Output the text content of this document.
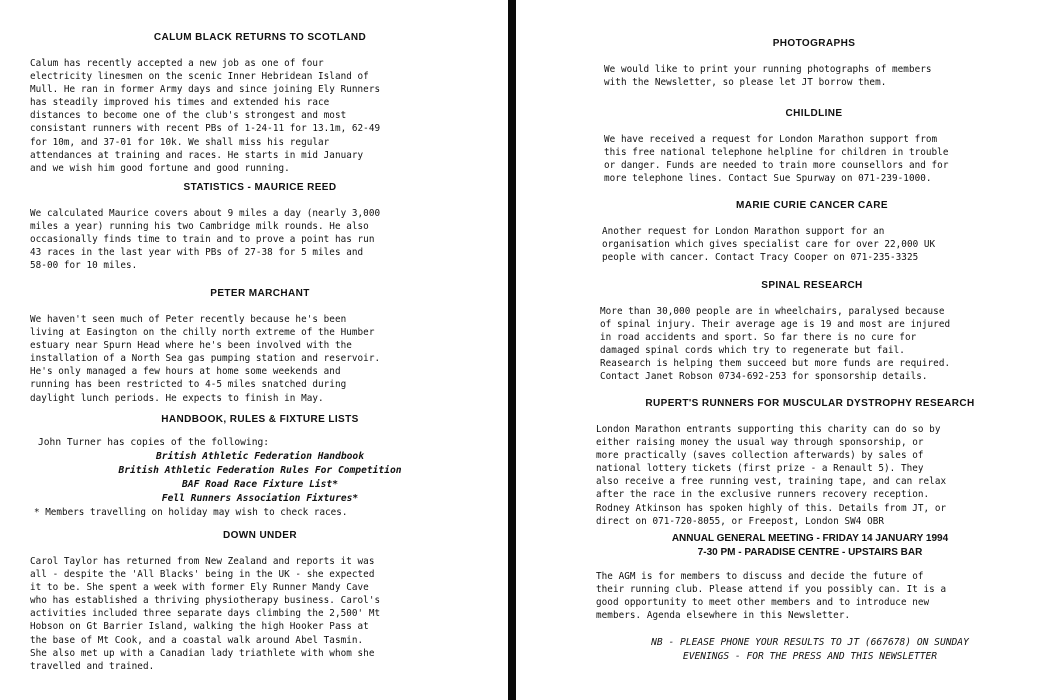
CALUM BLACK RETURNS TO SCOTLAND
Calum has recently accepted a new job as one of four
electricity linesmen on the scenic Inner Hebridean Island of
Mull. He ran in former Army days and since joining Ely Runners
has steadily improved his times and extended his race
distances to become one of the club's strongest and most
consistant runners with recent PBs of 1-24-11 for 13.1m, 62-49
for 10m, and 37-01 for 10k. We shall miss his regular
attendances at training and races. He starts in mid January
and we wish him good fortune and good running.
STATISTICS - MAURICE REED
We calculated Maurice covers about 9 miles a day (nearly 3,000
miles a year) running his two Cambridge milk rounds. He also
occasionally finds time to train and to prove a point has run
43 races in the last year with PBs of 27-38 for 5 miles and
58-00 for 10 miles.
PETER MARCHANT
We haven't seen much of Peter recently because he's been
living at Easington on the chilly north extreme of the Humber
estuary near Spurn Head where he's been involved with the
installation of a North Sea gas pumping station and reservoir.
He's only managed a few hours at home some weekends and
running has been restricted to 4-5 miles snatched during
daylight lunch periods. He expects to finish in May.
HANDBOOK, RULES & FIXTURE LISTS
John Turner has copies of the following:
British Athletic Federation Handbook
British Athletic Federation Rules For Competition
BAF Road Race Fixture List*
Fell Runners Association Fixtures*
* Members travelling on holiday may wish to check races.
DOWN UNDER
Carol Taylor has returned from New Zealand and reports it was
all - despite the 'All Blacks' being in the UK - she expected
it to be. She spent a week with former Ely Runner Mandy Cave
who has established a thriving physiotherapy business. Carol's
activities included three separate days climbing the 2,500' Mt
Hobson on Gt Barrier Island, walking the high Hooker Pass at
the base of Mt Cook, and a coastal walk around Abel Tasmin.
She also met up with a Canadian lady triathlete with whom she
travelled and trained.
PHOTOGRAPHS
We would like to print your running photographs of members
with the Newsletter, so please let JT borrow them.
CHILDLINE
We have received a request for London Marathon support from
this free national telephone helpline for children in trouble
or danger. Funds are needed to train more counsellors and for
more telephone lines. Contact Sue Spurway on 071-239-1000.
MARIE CURIE CANCER CARE
Another request for London Marathon support for an
organisation which gives specialist care for over 22,000 UK
people with cancer. Contact Tracy Cooper on 071-235-3325
SPINAL RESEARCH
More than 30,000 people are in wheelchairs, paralysed because
of spinal injury. Their average age is 19 and most are injured
in road accidents and sport. So far there is no cure for
damaged spinal cords which try to regenerate but fail.
Reasearch is helping them succeed but more funds are required.
Contact Janet Robson 0734-692-253 for sponsorship details.
RUPERT'S RUNNERS FOR MUSCULAR DYSTROPHY RESEARCH
London Marathon entrants supporting this charity can do so by
either raising money the usual way through sponsorship, or
more practically (saves collection afterwards) by sales of
national lottery tickets (first prize - a Renault 5). They
also receive a free running vest, training tape, and can relax
after the race in the exclusive runners recovery reception.
Rodney Atkinson has spoken highly of this. Details from JT, or
direct on 071-720-8055, or Freepost, London SW4 OBR
ANNUAL GENERAL MEETING - FRIDAY 14 JANUARY 1994
7-30 PM - PARADISE CENTRE - UPSTAIRS BAR
The AGM is for members to discuss and decide the future of
their running club. Please attend if you possibly can. It is a
good opportunity to meet other members and to introduce new
members. Agenda elsewhere in this Newsletter.
NB - PLEASE PHONE YOUR RESULTS TO JT (667678) ON SUNDAY
EVENINGS - FOR THE PRESS AND THIS NEWSLETTER
